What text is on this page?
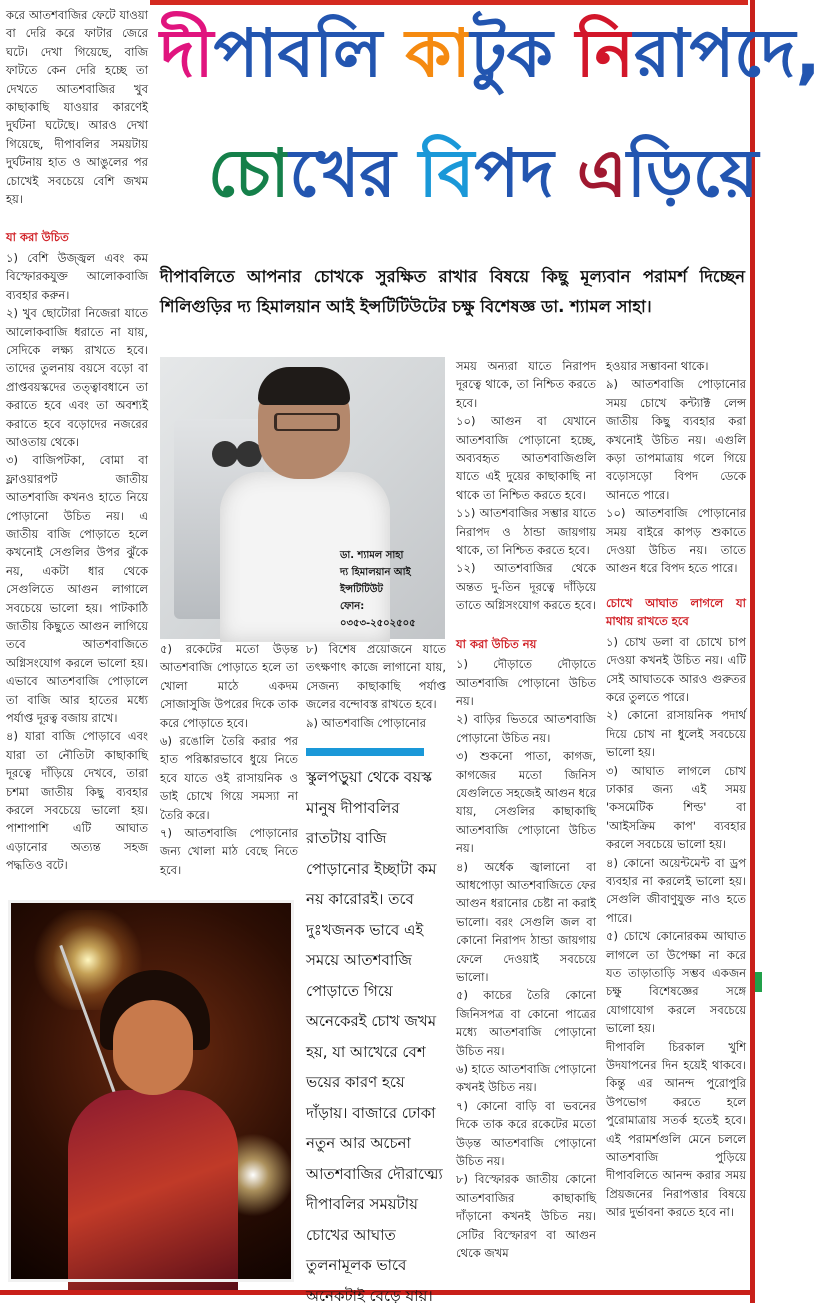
করে আতশবাজির ফেটে যাওয়া বা দেরি করে ফাটার জেরে ঘটে। দেখা গিয়েছে, বাজি ফাটতে কেন দেরি হচ্ছে তা দেখতে আতশবাজির খুব কাছাকাছি যাওয়ার কারণেই দুর্ঘটনা ঘটেছে। আরও দেখা গিয়েছে, দীপাবলির সময়টায় দুর্ঘটনায় হাত ও আঙুলের পর চোখেই সবচেয়ে বেশি জখম হয়।

যা করা উচিত

১) বেশি উজ্জ্বল এবং কম বিস্ফোরকযুক্ত আলোকবাজি ব্যবহার করুন।

২) খুব ছোটোরা নিজেরা যাতে আলোকবাজি ধরাতে না যায়, সেদিকে লক্ষ্য রাখতে হবে। তাদের তুলনায় বয়সে বড়ো বা প্রাপ্তবয়স্কদের তত্ত্বাবধানে তা করাতে হবে এবং তা অবশ্যই করাতে হবে বড়োদের নজরের আওতায় থেকে।

৩) বাজিপটকা, বোমা বা ফ্লাওয়ারপট জাতীয় আতশবাজি কখনও হাতে নিয়ে পোড়ানো উচিত নয়। এ জাতীয় বাজি পোড়াতে হলে কখনোই সেগুলির উপর ঝুঁকে নয়, একটা ধার থেকে সেগুলিতে আগুন লাগালে সবচেয়ে ভালো হয়। পাটকাঠি জাতীয় কিছুতে আগুন লাগিয়ে তবে আতশবাজিতে অগ্নিসংযোগ করলে ভালো হয়। এভাবে আতশবাজি পোড়ালে তা বাজি আর হাতের মধ্যে পর্যাপ্ত দূরত্ব বজায় রাখে।

৪) যারা বাজি পোড়াবে এবং যারা তা নৌতিটা কাছাকাছি দূরত্বে দাঁড়িয়ে দেখবে, তারা চশমা জাতীয় কিছু ব্যবহার করলে সবচেয়ে ভালো হয়। পাশাপাশি এটি আঘাত এড়ানোর অত্যন্ত সহজ পদ্ধতিও বটে।

দীপাবলি কাটুক নিরাপদে,
চোখের বিপদ এড়িয়ে
দীপাবলিতে আপনার চোখকে সুরক্ষিত রাখার বিষয়ে কিছু মূল্যবান পরামর্শ দিচ্ছেন শিলিগুড়ির দ্য হিমালয়ান আই ইন্সটিটিউটের চক্ষু বিশেষজ্ঞ ডা. শ্যামল সাহা।
ডা. শ্যামল সাহা
দ্য হিমালয়ান আই ইন্সটিটিউট
ফোন: ০৩৫৩-২৫০২৫০৫

৫) রকেটের মতো উড়ন্ত আতশবাজি পোড়াতে হলে তা খোলা মাঠে একদম সোজাসুজি উপরের দিকে তাক করে পোড়াতে হবে।

৬) রঙোলি তৈরি করার পর হাত পরিষ্কারভাবে ধুয়ে নিতে হবে যাতে ওই রাসায়নিক ও ডাই চোখে গিয়ে সমস্যা না তৈরি করে।

৭) আতশবাজি পোড়ানোর জন্য খোলা মাঠ বেছে নিতে হবে।

৮) বিশেষ প্রয়োজনে যাতে তৎক্ষণাৎ কাজে লাগানো যায়, সেজন্য কাছাকাছি পর্যাপ্ত জলের বন্দোবস্ত রাখতে হবে।

৯) আতশবাজি পোড়ানোর

স্কুলপড়ুয়া থেকে বয়স্ক মানুষ দীপাবলির রাতটায় বাজি পোড়ানোর ইচ্ছাটা কম নয় কারোরই। তবে দুঃখজনক ভাবে এই সময়ে আতশবাজি পোড়াতে গিয়ে অনেকেরই চোখ জখম হয়, যা আখেরে বেশ ভয়ের কারণ হয়ে দাঁড়ায়। বাজারে ঢোকা নতুন আর অচেনা আতশবাজির দৌরাত্ম্যে দীপাবলির সময়টায় চোখের আঘাত তুলনামূলক ভাবে অনেকটাই বেড়ে যায়।

সময় অন্যরা যাতে নিরাপদ দূরত্বে থাকে, তা নিশ্চিত করতে হবে।

১০) আগুন বা যেখানে আতশবাজি পোড়ানো হচ্ছে, অব্যবহৃত আতশবাজিগুলি যাতে এই দুয়ের কাছাকাছি না থাকে তা নিশ্চিত করতে হবে।

১১) আতশবাজির সম্ভার যাতে নিরাপদ ও ঠান্ডা জায়গায় থাকে, তা নিশ্চিত করতে হবে।

১২) আতশবাজির থেকে অন্তত দু-তিন দূরত্বে দাঁড়িয়ে তাতে অগ্নিসংযোগ করতে হবে।

যা করা উচিত নয়

১) দৌড়াতে দৌড়াতে আতশবাজি পোড়ানো উচিত নয়।

২) বাড়ির ভিতরে আতশবাজি পোড়ানো উচিত নয়।

৩) শুকনো পাতা, কাগজ, কাগজের মতো জিনিস যেগুলিতে সহজেই আগুন ধরে যায়, সেগুলির কাছাকাছি আতশবাজি পোড়ানো উচিত নয়।

৪) অর্ধেক জ্বালানো বা আধপোড়া আতশবাজিতে ফের আগুন ধরানোর চেষ্টা না করাই ভালো। বরং সেগুলি জল বা কোনো নিরাপদ ঠান্ডা জায়গায় ফেলে দেওয়াই সবচেয়ে ভালো।

৫) কাচের তৈরি কোনো জিনিসপত্র বা কোনো পাত্রের মধ্যে আতশবাজি পোড়ানো উচিত নয়।

৬) হাতে আতশবাজি পোড়ানো কখনই উচিত নয়।

৭) কোনো বাড়ি বা ভবনের দিকে তাক করে রকেটের মতো উড়ন্ত আতশবাজি পোড়ানো উচিত নয়।

৮) বিস্ফোরক জাতীয় কোনো আতশবাজির কাছাকাছি দাঁড়ানো কখনই উচিত নয়। সেটির বিস্ফোরণ বা আগুন থেকে জখম

হওয়ার সম্ভাবনা থাকে।

৯) আতশবাজি পোড়ানোর সময় চোখে কন্ট্যাক্ট লেন্স জাতীয় কিছু ব্যবহার করা কখনোই উচিত নয়। এগুলি কড়া তাপমাত্রায় গলে গিয়ে বড়োসড়ো বিপদ ডেকে আনতে পারে।

১০) আতশবাজি পোড়ানোর সময় বাইরে কাপড় শুকাতে দেওয়া উচিত নয়। তাতে আগুন ধরে বিপদ হতে পারে।

চোখে আঘাত লাগলে যা মাথায় রাখতে হবে

১) চোখ ডলা বা চোখে চাপ দেওয়া কখনই উচিত নয়। এটি সেই আঘাতকে আরও গুরুতর করে তুলতে পারে।

২) কোনো রাসায়নিক পদার্থ দিয়ে চোখ না ধুলেই সবচেয়ে ভালো হয়।

৩) আঘাত লাগলে চোখ ঢাকার জন্য এই সময় 'কসমেটিক শিল্ড' বা 'আইসক্রিম কাপ' ব্যবহার করলে সবচেয়ে ভালো হয়।

৪) কোনো অয়েন্টমেন্ট বা ড্রপ ব্যবহার না করলেই ভালো হয়। সেগুলি জীবাণুযুক্ত নাও হতে পারে।

৫) চোখে কোনোরকম আঘাত লাগলে তা উপেক্ষা না করে যত তাড়াতাড়ি সম্ভব একজন চক্ষু বিশেষজ্ঞের সঙ্গে যোগাযোগ করলে সবচেয়ে ভালো হয়।

দীপাবলি চিরকাল খুশি উদযাপনের দিন হয়েই থাকবে। কিন্তু এর আনন্দ পুরোপুরি উপভোগ করতে হলে পুরোমাত্রায় সতর্ক হতেই হবে। এই পরামর্শগুলি মেনে চললে আতশবাজি পুড়িয়ে দীপাবলিতে আনন্দ করার সময় প্রিয়জনের নিরাপত্তার বিষয়ে আর দুর্ভাবনা করতে হবে না।
